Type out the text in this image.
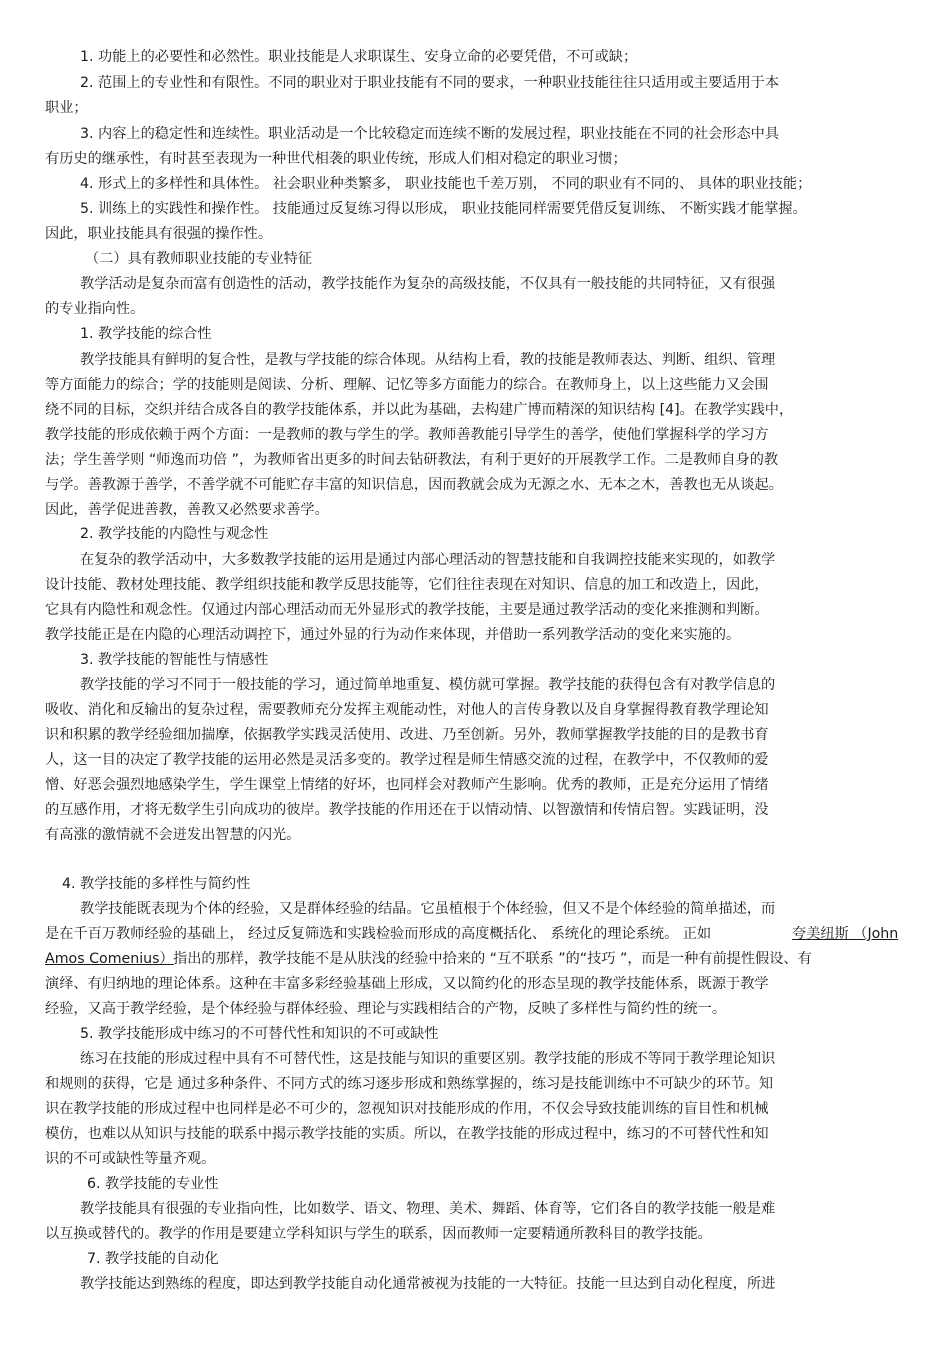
1. 功能上的必要性和必然性。职业技能是人求职谋生、安身立命的必要凭借，不可或缺；
2. 范围上的专业性和有限性。不同的职业对于职业技能有不同的要求，一种职业技能往往只适用或主要适用于本
职业；
3. 内容上的稳定性和连续性。职业活动是一个比较稳定而连续不断的发展过程，职业技能在不同的社会形态中具
有历史的继承性，有时甚至表现为一种世代相袭的职业传统，形成人们相对稳定的职业习惯；
4. 形式上的多样性和具体性。 社会职业种类繁多， 职业技能也千差万别， 不同的职业有不同的、 具体的职业技能；
5. 训练上的实践性和操作性。 技能通过反复练习得以形成， 职业技能同样需要凭借反复训练、 不断实践才能掌握。
因此，职业技能具有很强的操作性。
（二）具有教师职业技能的专业特征
教学活动是复杂而富有创造性的活动，教学技能作为复杂的高级技能，不仅具有一般技能的共同特征，又有很强
的专业指向性。
1. 教学技能的综合性
教学技能具有鲜明的复合性，是教与学技能的综合体现。从结构上看，教的技能是教师表达、判断、组织、管理
等方面能力的综合；学的技能则是阅读、分析、理解、记忆等多方面能力的综合。在教师身上，以上这些能力又会围
绕不同的目标，交织并结合成各自的教学技能体系，并以此为基础，去构建广博而精深的知识结构 [4]。在教学实践中，
教学技能的形成依赖于两个方面：一是教师的教与学生的学。教师善教能引导学生的善学，使他们掌握科学的学习方
法；学生善学则 “师逸而功倍 ”，为教师省出更多的时间去钻研教法，有利于更好的开展教学工作。二是教师自身的教
与学。善教源于善学，不善学就不可能贮存丰富的知识信息，因而教就会成为无源之水、无本之木，善教也无从谈起。
因此，善学促进善教，善教又必然要求善学。
2. 教学技能的内隐性与观念性
在复杂的教学活动中，大多数教学技能的运用是通过内部心理活动的智慧技能和自我调控技能来实现的，如教学
设计技能、教材处理技能、教学组织技能和教学反思技能等，它们往往表现在对知识、信息的加工和改造上，因此，
它具有内隐性和观念性。仅通过内部心理活动而无外显形式的教学技能，主要是通过教学活动的变化来推测和判断。
教学技能正是在内隐的心理活动调控下，通过外显的行为动作来体现，并借助一系列教学活动的变化来实施的。
3. 教学技能的智能性与情感性
教学技能的学习不同于一般技能的学习，通过简单地重复、模仿就可掌握。教学技能的获得包含有对教学信息的
吸收、消化和反输出的复杂过程，需要教师充分发挥主观能动性，对他人的言传身教以及自身掌握得教育教学理论知
识和积累的教学经验细加揣摩，依据教学实践灵活使用、改进、乃至创新。另外，教师掌握教学技能的目的是教书育
人，这一目的决定了教学技能的运用必然是灵活多变的。教学过程是师生情感交流的过程，在教学中，不仅教师的爱
憎、好恶会强烈地感染学生，学生课堂上情绪的好坏，也同样会对教师产生影响。优秀的教师，正是充分运用了情绪
的互感作用，才将无数学生引向成功的彼岸。教学技能的作用还在于以情动情、以智激情和传情启智。实践证明，没
有高涨的激情就不会迸发出智慧的闪光。
4. 教学技能的多样性与简约性
教学技能既表现为个体的经验，又是群体经验的结晶。它虽植根于个体经验，但又不是个体经验的简单描述，而
是在千百万教师经验的基础上， 经过反复筛选和实践检验而形成的高度概括化、 系统化的理论系统。 正如	夸美纽斯 （John
Amos Comenius） 指出的那样，教学技能不是从肤浅的经验中拾来的 “互不联系 ”的“技巧 ”，而是一种有前提性假设、有
演绎、有归纳地的理论体系。这种在丰富多彩经验基础上形成，又以简约化的形态呈现的教学技能体系，既源于教学
经验，又高于教学经验，是个体经验与群体经验、理论与实践相结合的产物，反映了多样性与简约性的统一。
5. 教学技能形成中练习的不可替代性和知识的不可或缺性
练习在技能的形成过程中具有不可替代性，这是技能与知识的重要区别。教学技能的形成不等同于教学理论知识
和规则的获得，它是 通过多种条件、不同方式的练习逐步形成和熟练掌握的，练习是技能训练中不可缺少的环节。知
识在教学技能的形成过程中也同样是必不可少的，忽视知识对技能形成的作用，不仅会导致技能训练的盲目性和机械
模仿，也难以从知识与技能的联系中揭示教学技能的实质。所以，在教学技能的形成过程中，练习的不可替代性和知
识的不可或缺性等量齐观。
6. 教学技能的专业性
教学技能具有很强的专业指向性，比如数学、语文、物理、美术、舞蹈、体育等，它们各自的教学技能一般是难
以互换或替代的。教学的作用是要建立学科知识与学生的联系，因而教师一定要精通所教科目的教学技能。
7. 教学技能的自动化
教学技能达到熟练的程度，即达到教学技能自动化通常被视为技能的一大特征。技能一旦达到自动化程度，所进
